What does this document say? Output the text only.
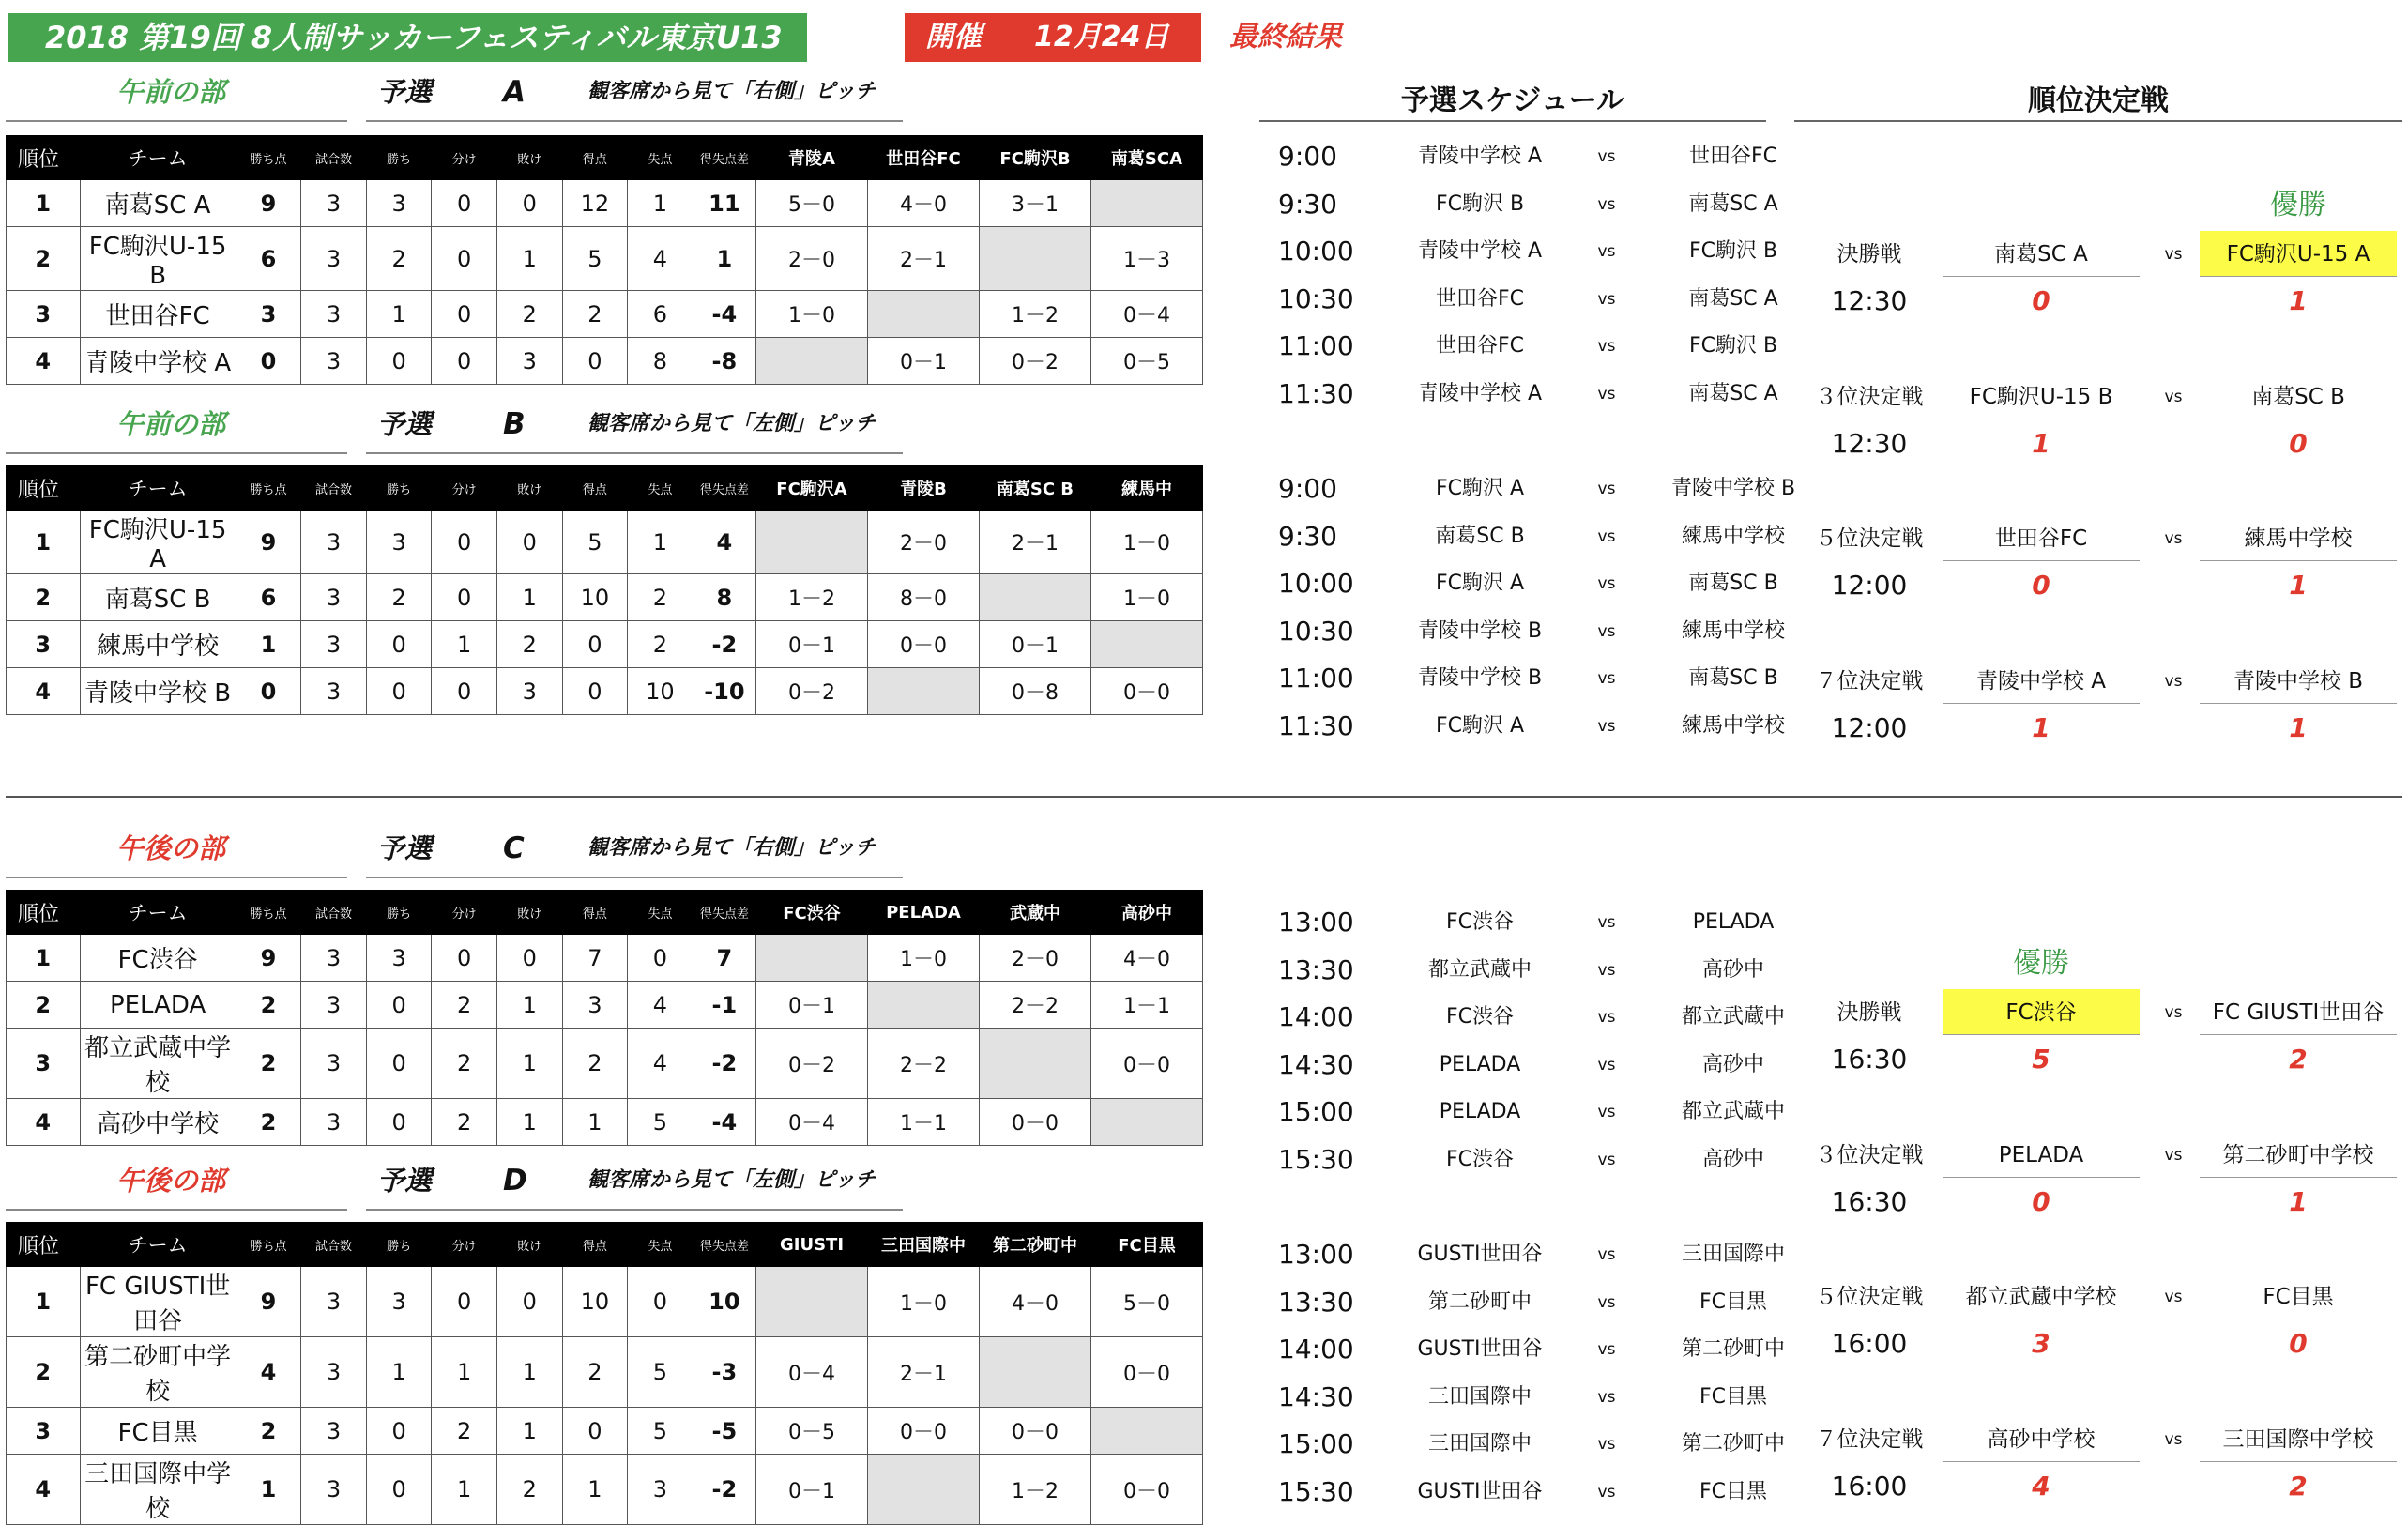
2018 第19回 8人制サッカーフェスティバル東京U13	開催 12月24日 最終結果
午前の部	予選 A	観客席から見て「右側」ピッチ
順位	チーム	勝ち点	試合数	勝ち	分け	敗け	得点	失点	得失点差	青陵A	世田谷FC	FC駒沢B	南葛SCA
1	南葛SC A	9	3	3	0	0	12	1	11	5－0	4－0	3－1	
2	FC駒沢U-15 B	6	3	2	0	1	5	4	1	2－0	2－1		1－3
3	世田谷FC	3	3	1	0	2	2	6	-4	1－0		1－2	0－4
4	青陵中学校 A	0	3	0	0	3	0	8	-8		0－1	0－2	0－5
午前の部	予選 B	観客席から見て「左側」ピッチ
順位	チーム	勝ち点	試合数	勝ち	分け	敗け	得点	失点	得失点差	FC駒沢A	青陵B	南葛SC B	練馬中
1	FC駒沢U-15 A	9	3	3	0	0	5	1	4		2－0	2－1	1－0
2	南葛SC B	6	3	2	0	1	10	2	8	1－2	8－0		1－0
3	練馬中学校	1	3	0	1	2	0	2	-2	0－1	0－0	0－1	
4	青陵中学校 B	0	3	0	0	3	0	10	-10	0－2		0－8	0－0
午後の部	予選 C	観客席から見て「右側」ピッチ
順位	チーム	勝ち点	試合数	勝ち	分け	敗け	得点	失点	得失点差	FC渋谷	PELADA	武蔵中	高砂中
1	FC渋谷	9	3	3	0	0	7	0	7		1－0	2－0	4－0
2	PELADA	2	3	0	2	1	3	4	-1	0－1		2－2	1－1
3	都立武蔵中学校	2	3	0	2	1	2	4	-2	0－2	2－2		0－0
4	高砂中学校	2	3	0	2	1	1	5	-4	0－4	1－1	0－0	
午後の部	予選 D	観客席から見て「左側」ピッチ
順位	チーム	勝ち点	試合数	勝ち	分け	敗け	得点	失点	得失点差	GIUSTI	三田国際中	第二砂町中	FC目黒
1	FC GIUSTI世田谷	9	3	3	0	0	10	0	10		1－0	4－0	5－0
2	第二砂町中学校	4	3	1	1	1	2	5	-3	0－4	2－1		0－0
3	FC目黒	2	3	0	2	1	0	5	-5	0－5	0－0	0－0	
4	三田国際中学校	1	3	0	1	2	1	3	-2	0－1		1－2	0－0
予選スケジュール	順位決定戦
9:00	青陵中学校 A	vs	世田谷FC
9:30	FC駒沢 B	vs	南葛SC A
10:00	青陵中学校 A	vs	FC駒沢 B
10:30	世田谷FC	vs	南葛SC A
11:00	世田谷FC	vs	FC駒沢 B
11:30	青陵中学校 A	vs	南葛SC A
9:00	FC駒沢 A	vs	青陵中学校 B
9:30	南葛SC B	vs	練馬中学校
10:00	FC駒沢 A	vs	南葛SC B
10:30	青陵中学校 B	vs	練馬中学校
11:00	青陵中学校 B	vs	南葛SC B
11:30	FC駒沢 A	vs	練馬中学校
13:00	FC渋谷	vs	PELADA
13:30	都立武蔵中	vs	高砂中
14:00	FC渋谷	vs	都立武蔵中
14:30	PELADA	vs	高砂中
15:00	PELADA	vs	都立武蔵中
15:30	FC渋谷	vs	高砂中
13:00	GUSTI世田谷	vs	三田国際中
13:30	第二砂町中	vs	FC目黒
14:00	GUSTI世田谷	vs	第二砂町中
14:30	三田国際中	vs	FC目黒
15:00	三田国際中	vs	第二砂町中
15:30	GUSTI世田谷	vs	FC目黒
決勝戦	南葛SC A	vs	FC駒沢U-15 A
12:30	0	1
優勝
３位決定戦	FC駒沢U-15 B	vs	南葛SC B
12:30	1	0
５位決定戦	世田谷FC	vs	練馬中学校
12:00	0	1
７位決定戦	青陵中学校 A	vs	青陵中学校 B
12:00	1	1
決勝戦	FC渋谷	vs	FC GIUSTI世田谷
16:30	5	2
優勝
３位決定戦	PELADA	vs	第二砂町中学校
16:30	0	1
５位決定戦	都立武蔵中学校	vs	FC目黒
16:00	3	0
７位決定戦	高砂中学校	vs	三田国際中学校
16:00	4	2
